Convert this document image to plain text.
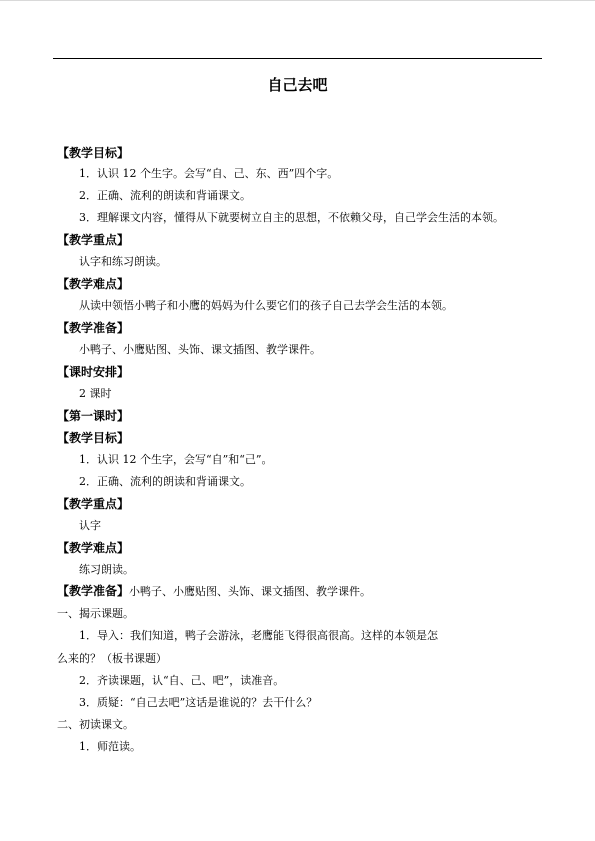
自己去吧
【教学目标】
1．认识 12 个生字。会写“自、己、东、西”四个字。
2．正确、流利的朗读和背诵课文。
3．理解课文内容，懂得从下就要树立自主的思想，不依赖父母，自己学会生活的本领。
【教学重点】
认字和练习朗读。
【教学难点】
从读中领悟小鸭子和小鹰的妈妈为什么要它们的孩子自己去学会生活的本领。
【教学准备】
小鸭子、小鹰贴图、头饰、课文插图、教学课件。
【课时安排】
2 课时
【第一课时】
【教学目标】
1．认识 12 个生字，会写“自”和“己”。
2．正确、流利的朗读和背诵课文。
【教学重点】
认字
【教学难点】
练习朗读。
【教学准备】小鸭子、小鹰贴图、头饰、课文插图、教学课件。
一、揭示课题。
1．导入：我们知道，鸭子会游泳，老鹰能飞得很高很高。这样的本领是怎
么来的？（板书课题）
2．齐读课题，认“自、己、吧”，读准音。
3．质疑：“自己去吧”这话是谁说的？去干什么？
二、初读课文。
1．师范读。
